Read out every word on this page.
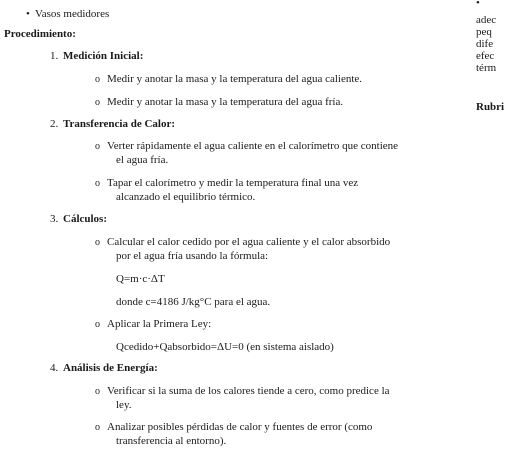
• Vasos medidores
Procedimiento:
1. Medición Inicial:
o Medir y anotar la masa y la temperatura del agua caliente.
o Medir y anotar la masa y la temperatura del agua fría.
2. Transferencia de Calor:
o Verter rápidamente el agua caliente en el calorímetro que contiene
el agua fría.
o Tapar el calorímetro y medir la temperatura final una vez
alcanzado el equilibrio térmico.
3. Cálculos:
o Calcular el calor cedido por el agua caliente y el calor absorbido
por el agua fría usando la fórmula:
Q=m·c·ΔT
donde c=4186 J/kg°C para el agua.
o Aplicar la Primera Ley:
Qcedido+Qabsorbido=ΔU=0 (en sistema aislado)
4. Análisis de Energía:
o Verificar si la suma de los calores tiende a cero, como predice la
ley.
o Analizar posibles pérdidas de calor y fuentes de error (como
transferencia al entorno).
•
adec
peq
dife
efec
térm
Rubri
